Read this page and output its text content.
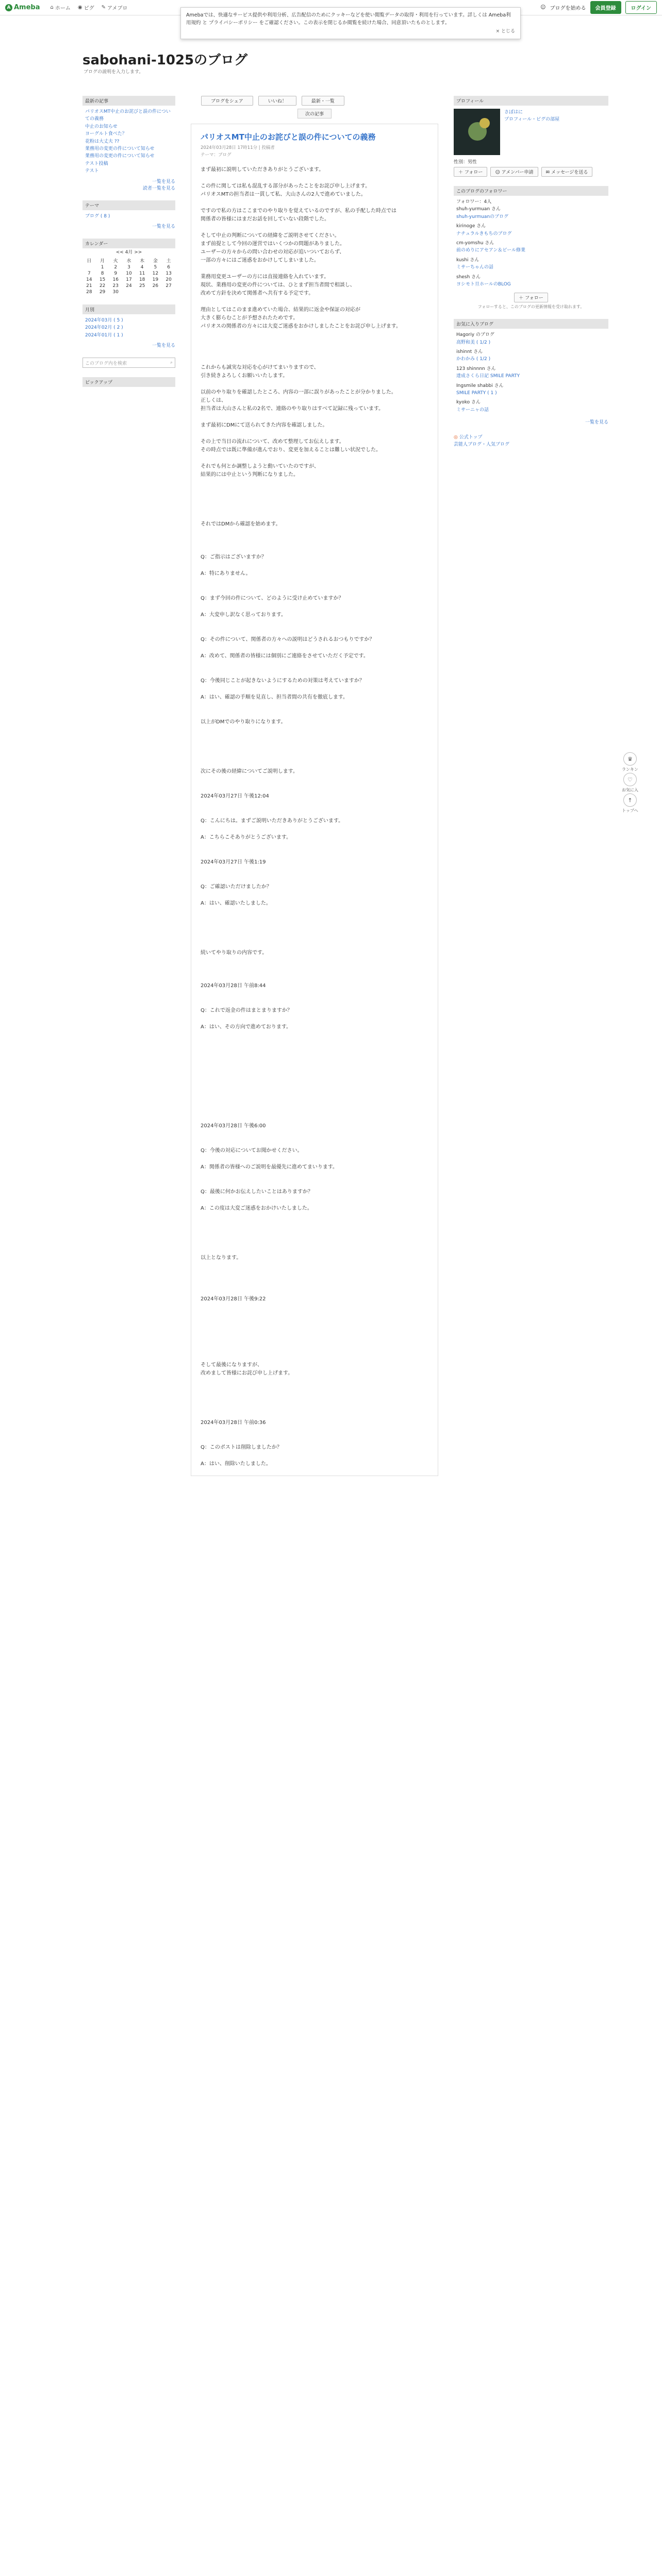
A Ameba ⌂ ホーム ◉ ピグ ✎ アメブロ	☺ ブログを始める	会員登録	ログイン
Amebaでは、快適なサービス提供や利用分析、広告配信のためにクッキーなどを使い閲覧データの取得・利用を行っています。詳しくは Ameba利用規約 と プライバシーポリシー をご確認ください。この表示を閉じるか閲覧を続けた場合、同意頂いたものとします。
× とじる
sabohani-1025のブログ
ブログの説明を入力します。
最新の記事
パリオスMT中止のお詫びと誤の件についての義務
中止のお知らせ
ヨーグルト食べた？
花粉は大丈夫 ??
業務用の変更の件について知らせ
業務用の変更の件について知らせ
テスト投稿
テスト
一覧を見る
読者一覧を見る
テーマ
ブログ ( 8 )
一覧を見る
カレンダー
<< 4月 >>
日	月	火	水	木	金	土
	1	2	3	4	5	6
7	8	9	10	11	12	13
14	15	16	17	18	19	20
21	22	23	24	25	26	27
28	29	30				
月別
2024年03月 ( 5 )
2024年02月 ( 2 )
2024年01月 ( 1 )
一覧を見る
このブログ内を検索	⌕
ピックアップ
ブログをシェア	いいね！	最新・一覧
次の記事
パリオスMT中止のお詫びと誤の件についての義務
2024年03月28日 17時11分 | 投稿者
テーマ：ブログ

まず最初に説明していただきありがとうございます。

この件に関しては私も混乱する部分があったことをお詫び申し上げます。

パリオスMTの担当者は一貫して私、大山さんの2人で進めていました。

ですので私の方はここまでのやり取りを覚えているのですが、私の手配した時点では

関係者の皆様にはまだお話を回していない段階でした。

そして中止の判断についての経緯をご説明させてください。

まず前提として今回の運営ではいくつかの問題がありました。

ユーザーの方々からの問い合わせの対応が追いついておらず、

一部の方々にはご迷惑をおかけしてしまいました。

業務用変更ユーザーの方には直接連絡を入れています。

現状、業務用の変更の件については、ひとまず担当者間で相談し、

改めて方針を決めて関係者へ共有する予定です。

理由としてはこのまま進めていた場合、結果的に返金や保証の対応が

大きく膨らむことが予想されたためです。

パリオスの関係者の方々には大変ご迷惑をおかけしましたことをお詫び申し上げます。

これからも誠実な対応を心がけてまいりますので、

引き続きよろしくお願いいたします。

以前のやり取りを確認したところ、内容の一部に誤りがあったことが分かりました。

正しくは、

担当者は大山さんと私の2名で、連絡のやり取りはすべて記録に残っています。

まず最初にDMにて送られてきた内容を確認しました。

その上で当日の流れについて、改めて整理してお伝えします。

その時点では既に準備が進んでおり、変更を加えることは難しい状況でした。

それでも何とか調整しようと動いていたのですが、

結果的には中止という判断になりました。

それではDMから確認を始めます。

Q：ご指示はございますか？

A：特にありません。

Q：まず今回の件について、どのように受け止めていますか？

A：大変申し訳なく思っております。

Q：その件について、関係者の方々への説明はどうされるおつもりですか？

A：改めて、関係者の皆様には個別にご連絡をさせていただく予定です。

Q：今後同じことが起きないようにするための対策は考えていますか？

A：はい、確認の手順を見直し、担当者間の共有を徹底します。

以上がDMでのやり取りになります。

次にその後の経緯についてご説明します。

2024年03月27日 午後12:04

Q：こんにちは。まずご説明いただきありがとうございます。

A：こちらこそありがとうございます。

2024年03月27日 午後1:19

Q：ご確認いただけましたか？

A：はい、確認いたしました。

続いてやり取りの内容です。

2024年03月28日 午前8:44

Q：これで返金の件はまとまりますか？

A：はい、その方向で進めております。

2024年03月28日 午後6:00

Q：今後の対応についてお聞かせください。

A：関係者の皆様へのご説明を最優先に進めてまいります。

Q：最後に何かお伝えしたいことはありますか？

A：この度は大変ご迷惑をおかけいたしました。

以上となります。

2024年03月28日 午後9:22

そして最後になりますが、

改めまして皆様にお詫び申し上げます。

2024年03月28日 午前0:36

Q：このポストは削除しましたか？

A：はい、削除いたしました。

プロフィール
さぼはに
プロフィール・ピグの部屋
性別：男性
＋ フォロー	☺ アメンバー申請	✉ メッセージを送る
このブログのフォロワー
フォロワー：4人
shuh-yurmuan さん
shuh-yurmuanのブログ
kirinoge さん
ナチュラルきもちのブログ
cm-yomshu さん
前のめりにアセアン＆ビール修業
kushi さん
ミサーちゃんの話
shesh さん
ヨシモト旦ホールのBLOG
＋ フォロー
フォローすると、このブログの更新情報を受け取れます。
お気に入りブログ
Hagoriy のブログ
高野和美 ( 1/2 )
ishinnt さん
かわかみ ( 1/2 )
123 shinnnn さん
達成さくら日記 SMILE PARTY
Ingsmile shabbi さん
SMILE PARTY ( 1 )
kyoko さん
ミサーニャの話
一覧を見る
◎ 公式トップ
芸能人ブログ・人気ブログ
♛
ランキン
♡
お気に入
↑
トップへ
